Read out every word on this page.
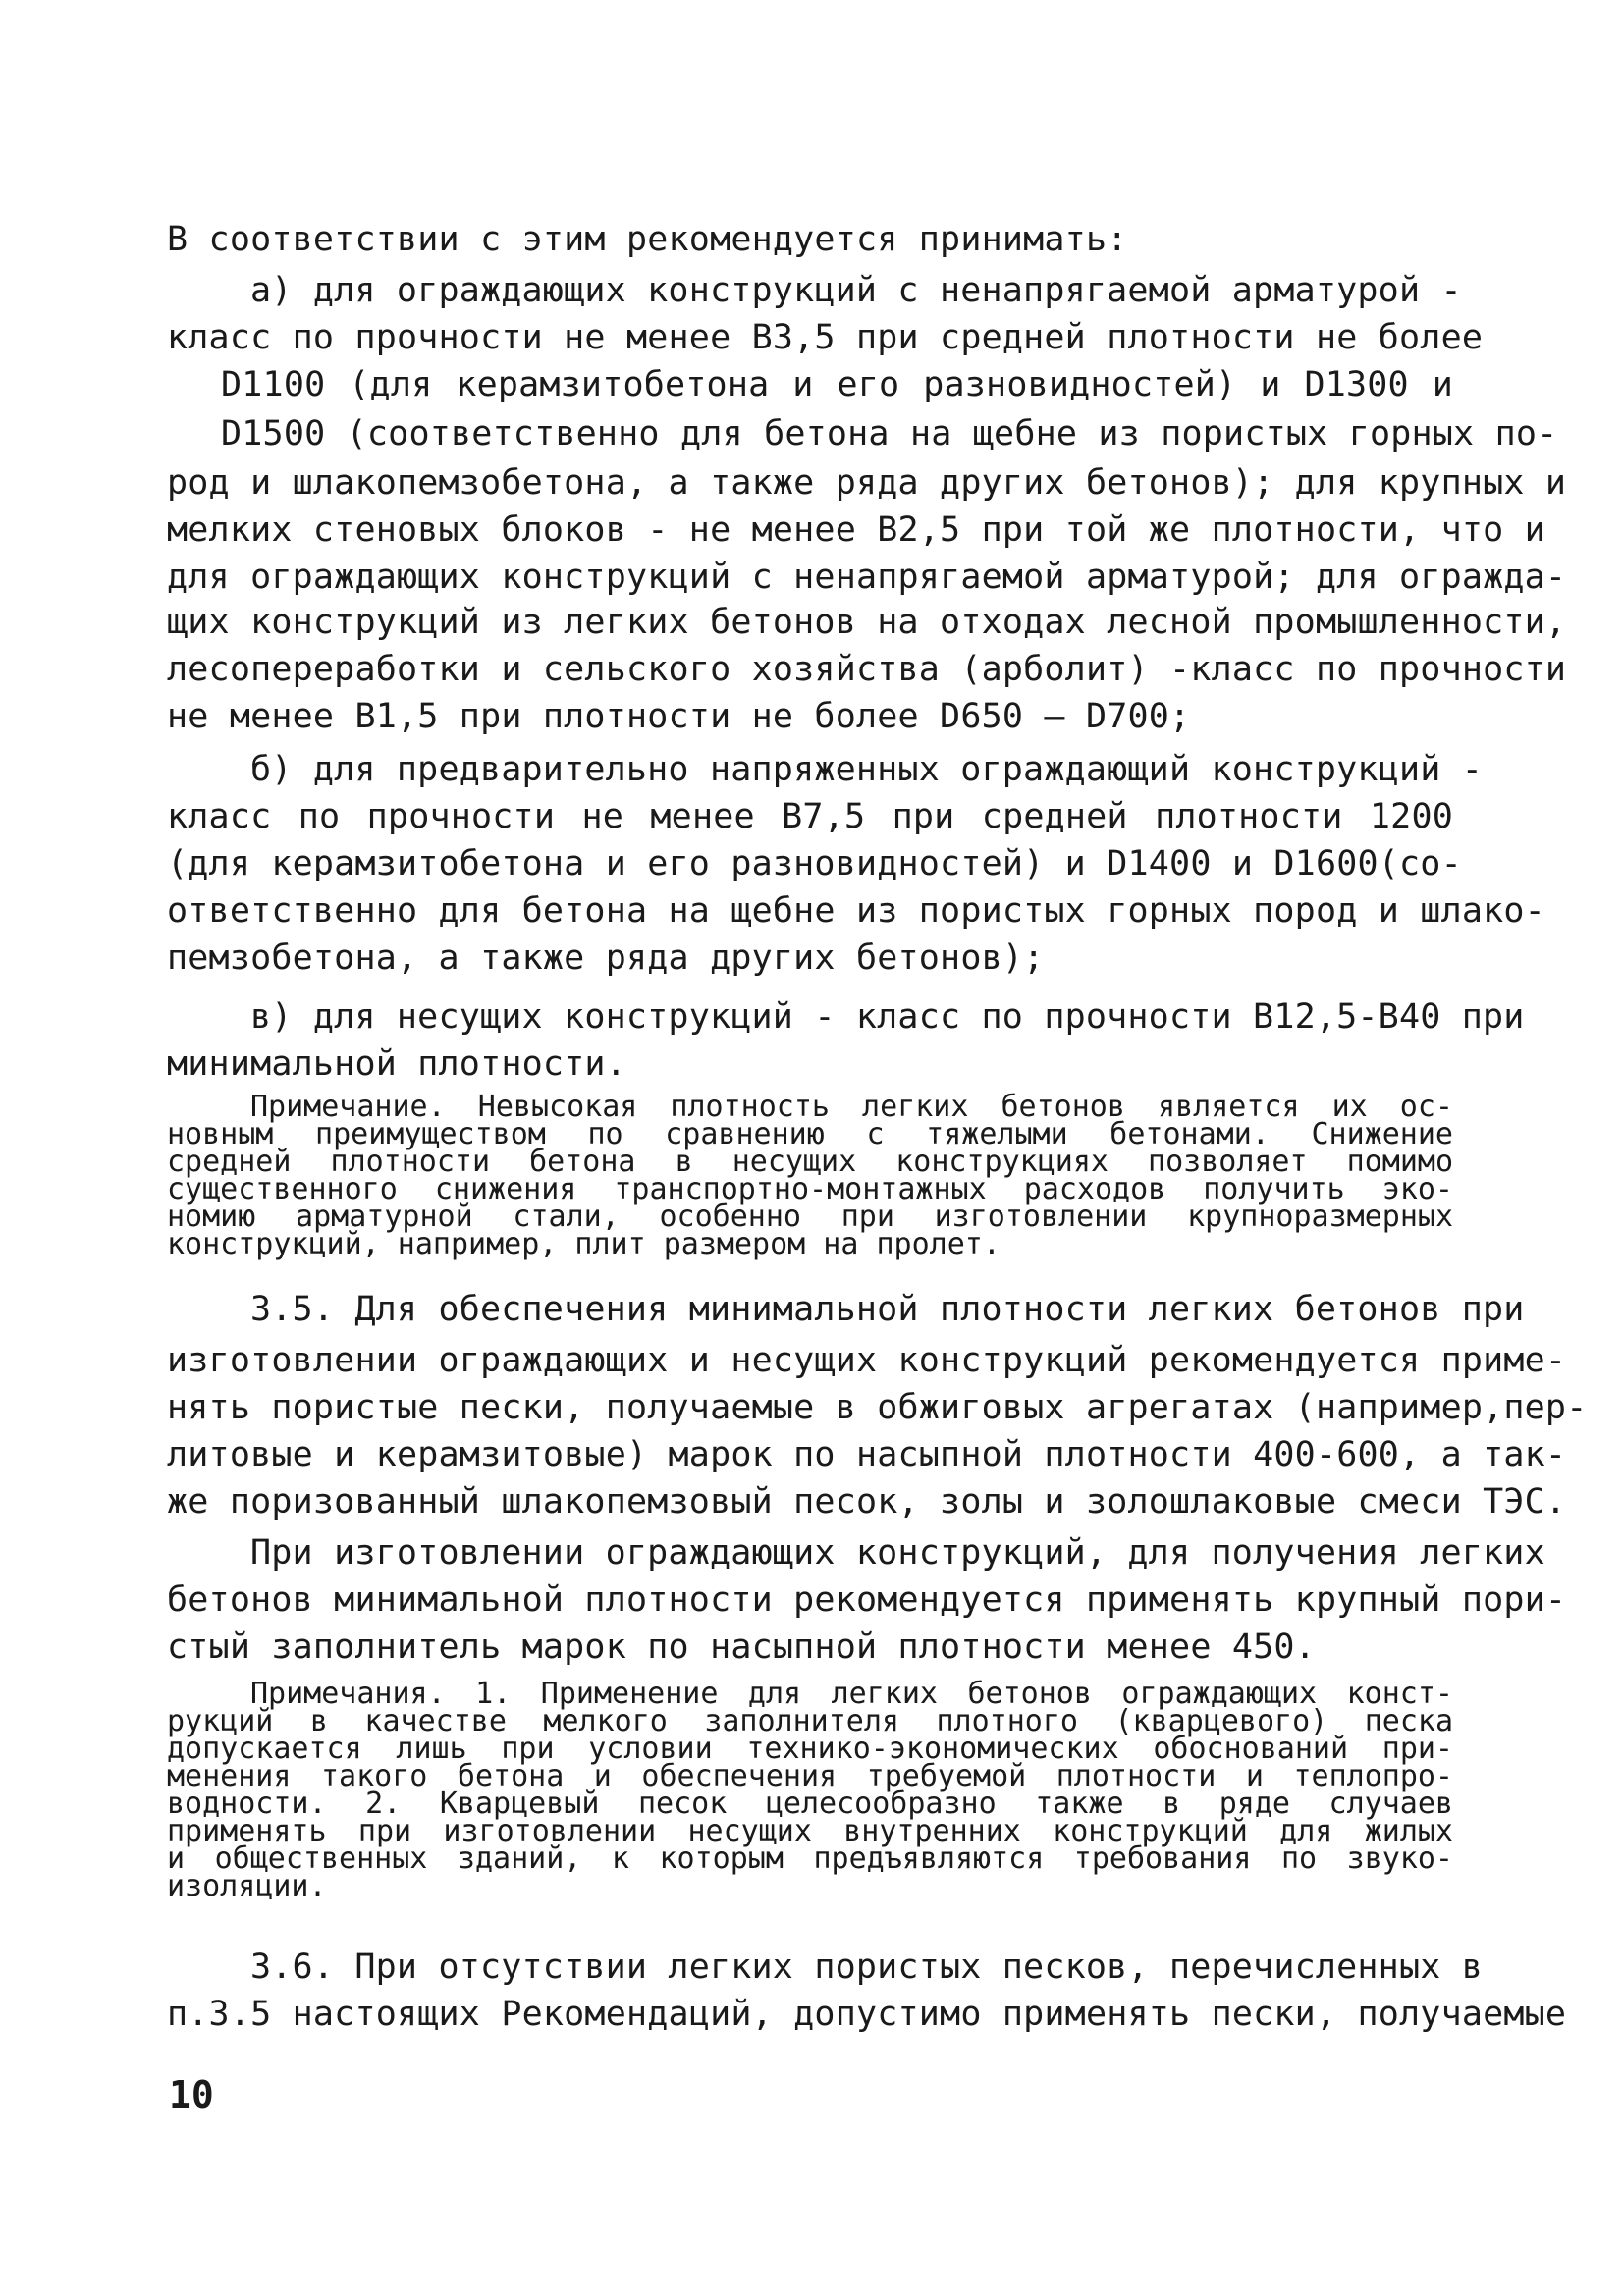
В соответствии с этим рекомендуется принимать:
а) для ограждающих конструкций с ненапрягаемой арматурой -
класс по прочности не менее В3,5 при средней плотности не более
D1100 (для керамзитобетона и его разновидностей) и D1300 и
D1500 (соответственно для бетона на щебне из пористых горных по-
род и шлакопемзобетона, а также ряда других бетонов); для крупных и
мелких стеновых блоков - не менее В2,5 при той же плотности, что и
для ограждающих конструкций с ненапрягаемой арматурой; для огражда-
щих конструкций из легких бетонов на отходах лесной промышленности,
лесопереработки и сельского хозяйства (арболит) -класс по прочности
не менее В1,5 при плотности не более D650 – D700;
б) для предварительно напряженных ограждающий конструкций -
класс по прочности не менее В7,5 при средней плотности 1200
(для керамзитобетона и его разновидностей) и D1400 и D1600(со-
ответственно для бетона на щебне из пористых горных пород и шлако-
пемзобетона, а также ряда других бетонов);
в) для несущих конструкций - класс по прочности В12,5-В40 при
минимальной плотности.
Примечание. Невысокая плотность легких бетонов является их ос-
новным преимуществом по сравнению с тяжелыми бетонами. Снижение
средней плотности бетона в несущих конструкциях позволяет помимо
существенного снижения транспортно-монтажных расходов получить эко-
номию арматурной стали, особенно при изготовлении крупноразмерных
конструкций, например, плит размером на пролет.
3.5. Для обеспечения минимальной плотности легких бетонов при
изготовлении ограждающих и несущих конструкций рекомендуется приме-
нять пористые пески, получаемые в обжиговых агрегатах (например,пер-
литовые и керамзитовые) марок по насыпной плотности 400-600, а так-
же поризованный шлакопемзовый песок, золы и золошлаковые смеси ТЭС.
При изготовлении ограждающих конструкций, для получения легких
бетонов минимальной плотности рекомендуется применять крупный пори-
стый заполнитель марок по насыпной плотности менее 450.
Примечания. 1. Применение для легких бетонов ограждающих конст-
рукций в качестве мелкого заполнителя плотного (кварцевого) песка
допускается лишь при условии технико-экономических обоснований при-
менения такого бетона и обеспечения требуемой плотности и теплопро-
водности. 2. Кварцевый песок целесообразно также в ряде случаев
применять при изготовлении несущих внутренних конструкций для жилых
и общественных зданий, к которым предъявляются требования по звуко-
изоляции.
3.6. При отсутствии легких пористых песков, перечисленных в
п.3.5 настоящих Рекомендаций, допустимо применять пески, получаемые
10
